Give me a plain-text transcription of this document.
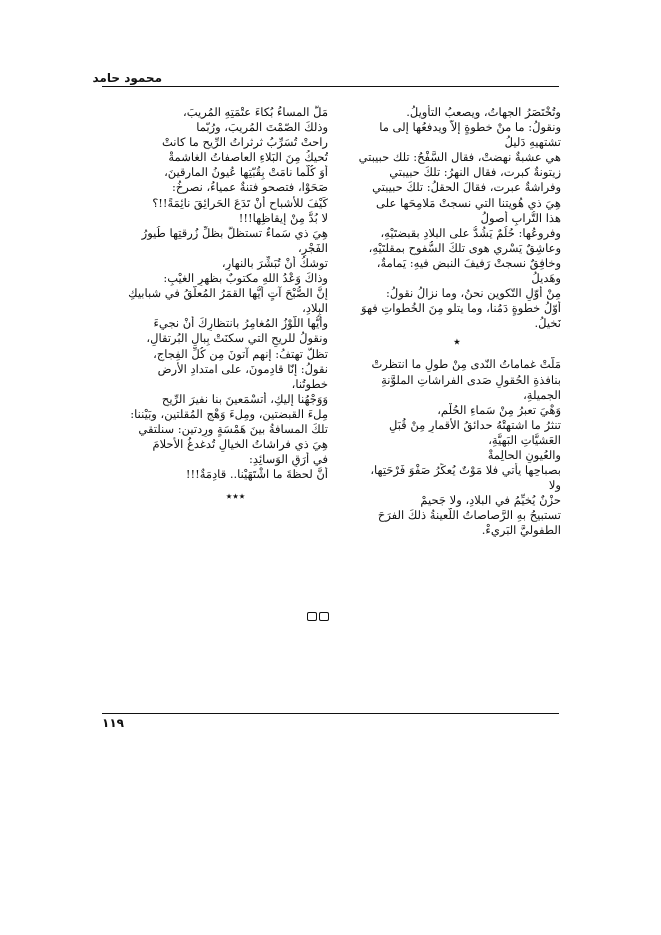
محمود حامد
وتُخْتَصَرُ الجهاتُ، ويصعبُ التأويلُ.
ونقولُ: ما منْ خطوةٍ إلاّ ويدفعُها إلى ما
تشتهيهِ دَليلُ
هي عشبةٌ نهضتْ، فقال السَّفْحُ: تلك حبيبتي
زيتونةٌ كبرت، فقال النهرُ: تلكَ حبيبتي
وفراشةٌ عبرت، فقالَ الحقلُ: تلكَ حبيبتي
هِيَ ذي هُويتنا التي نسجتْ مَلامِحَها على
هذا التُّرابِ أصولُ
وفروعُها: حُلُمٌ يَشُدُّ على البلادِ بقبضتَيْهِ،
وعاشِقٌ يَسْري هوى تلكَ السُّفوحِ بمقلتَيْهِ،
وخافِقٌ نسجتْ رَفيفَ النبضِ فيهِ: يَمامةٌ،
وهَديلُ
مِنْ أوّلِ التّكوينِ نحنُ، وما نزالُ نقولُ:
أوّلُ خطوةٍ دَمُنا، وما يتلو مِنَ الخُطواتِ فهوَ
نَخيلُ.
٭
مَلَّتْ غماماتُ النّدى مِنْ طولِ ما انتظرتْ
بنافذةِ الحُقولِ صَدى الفراشاتِ الملوَّنةِ
الجميلةِ،
وَهْيَ تعبرُ مِنْ سَماءِ الحُلْمِ،
تنثرُ ما اشتهتْهُ حدائقُ الأقمارِ مِنْ قُبَلِ
العَشيَّاتِ البَهيَّةِ،
والعُيونِ الحالِمةْ
بصباحِها يأتي فلا مَوْتٌ يُعكِّرُ صَفْوَ فَرْحَتِها،
ولا
حزْنٌ يُخيِّمُ في البلادِ، ولا جَحيمْ
تستبيحُ بهِ الرَّصاصاتُ اللّعينةُ ذلكَ الفرَحَ
الطفوليَّ البَريءْ.
مَلَّ المساءُ بُكاءَ عتْمَتِهِ المُريبَ،
وذلكَ الصّمْتَ المُريبَ، ورُبّما
راحتْ تُسَرِّبُ ثرثراتُ الرِّيحِ ما كانتْ
تُحيكُ مِنَ البَلاءِ العاصفاتُ الغاشمةْ
أَوَ كُلّما نامَتْ بِقُبّتِها عُيونُ المارقينَ،
صَحَوْا، فتصحو فتنةٌ عمياءُ، نصرخُ:
كَيْفَ للأشباحِ أنْ تَدَعَ الحَرائِقَ نائِمَةً!!؟
لا بُدَّ مِنْ إيقاظِها!!!
هِيَ ذي سَماءٌ تستظلُّ بظلِّ زُرقتِها طُيورُ
الفَجْرِ،
توشكُ أنْ تُبَشِّرَ بالنهارِ،
وذاكَ وَعْدُ اللهِ مكتوبٌ بظهرِ الغيْبِ:
إنَّ الصُّبْحَ آتٍ أيُّها القمَرُ المُعلّقُ في شبابيكِ
البِلادِ،
وأيُّها اللّوْزُ المُغامِرُ بانتظارِكَ أنْ نجيءَ
ونقولُ للريحِ التي سكنَتْ بِبالِ البُرتقالِ،
تظلُّ تهتفُ: إنهم آتونَ مِن كُلِّ الفِجاجِ،
نقولُ: إنّا قادِمونَ، على امتدادِ الأرضِ
خطوتُنا،
وَوَجْهُنا إليكِ، أتسْمَعينَ بنا نفيرَ الرِّيحِ
مِلءَ القبضتينِ، ومِلءَ وَهْجِ المُقلتينِ، وبَيْننا:
تلكَ المسافةُ بينَ هَمْسَةٍ ورِدتينِ: سنلتقي
هِيَ ذي فراشاتُ الخيالِ تُدغدغُ الأحلامَ
في أرَقِ الوَسائِدِ:
أنَّ لحظةَ ما اشْتَهَيْنا.. قادِمَةٌ!!!
٭٭٭
١١٩
